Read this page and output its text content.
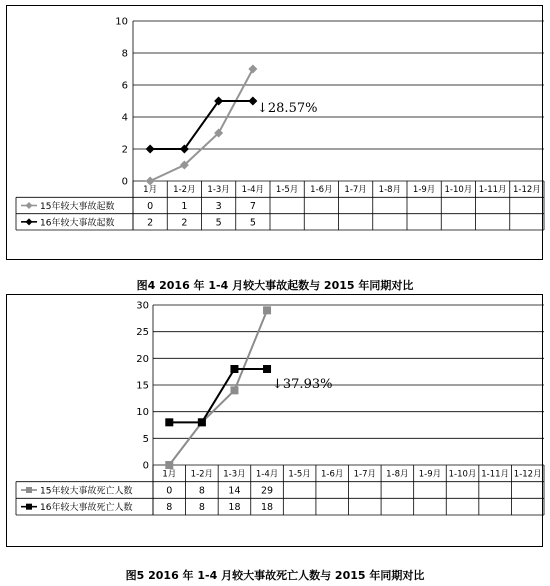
0
2
4
6
8
10
1月 1-2月 1-3月 1-4月 1-5月 1-6月 1-7月 1-8月 1-9月 1-10月 1-11月 1-12月
15年较大事故起数	0	1	3	7
16年较大事故起数	2	2	5	5
↓28.57%
图4 2016 年 1-4 月较大事故起数与 2015 年同期对比
0
5
10
15
20
25
30
1月 1-2月 1-3月 1-4月 1-5月 1-6月 1-7月 1-8月 1-9月 1-10月 1-11月 1-12月
15年较大事故死亡人数	0	8 14 29
16年较大事故死亡人数	8	8 18 18
↓37.93%
图5 2016 年 1-4 月较大事故死亡人数与 2015 年同期对比
